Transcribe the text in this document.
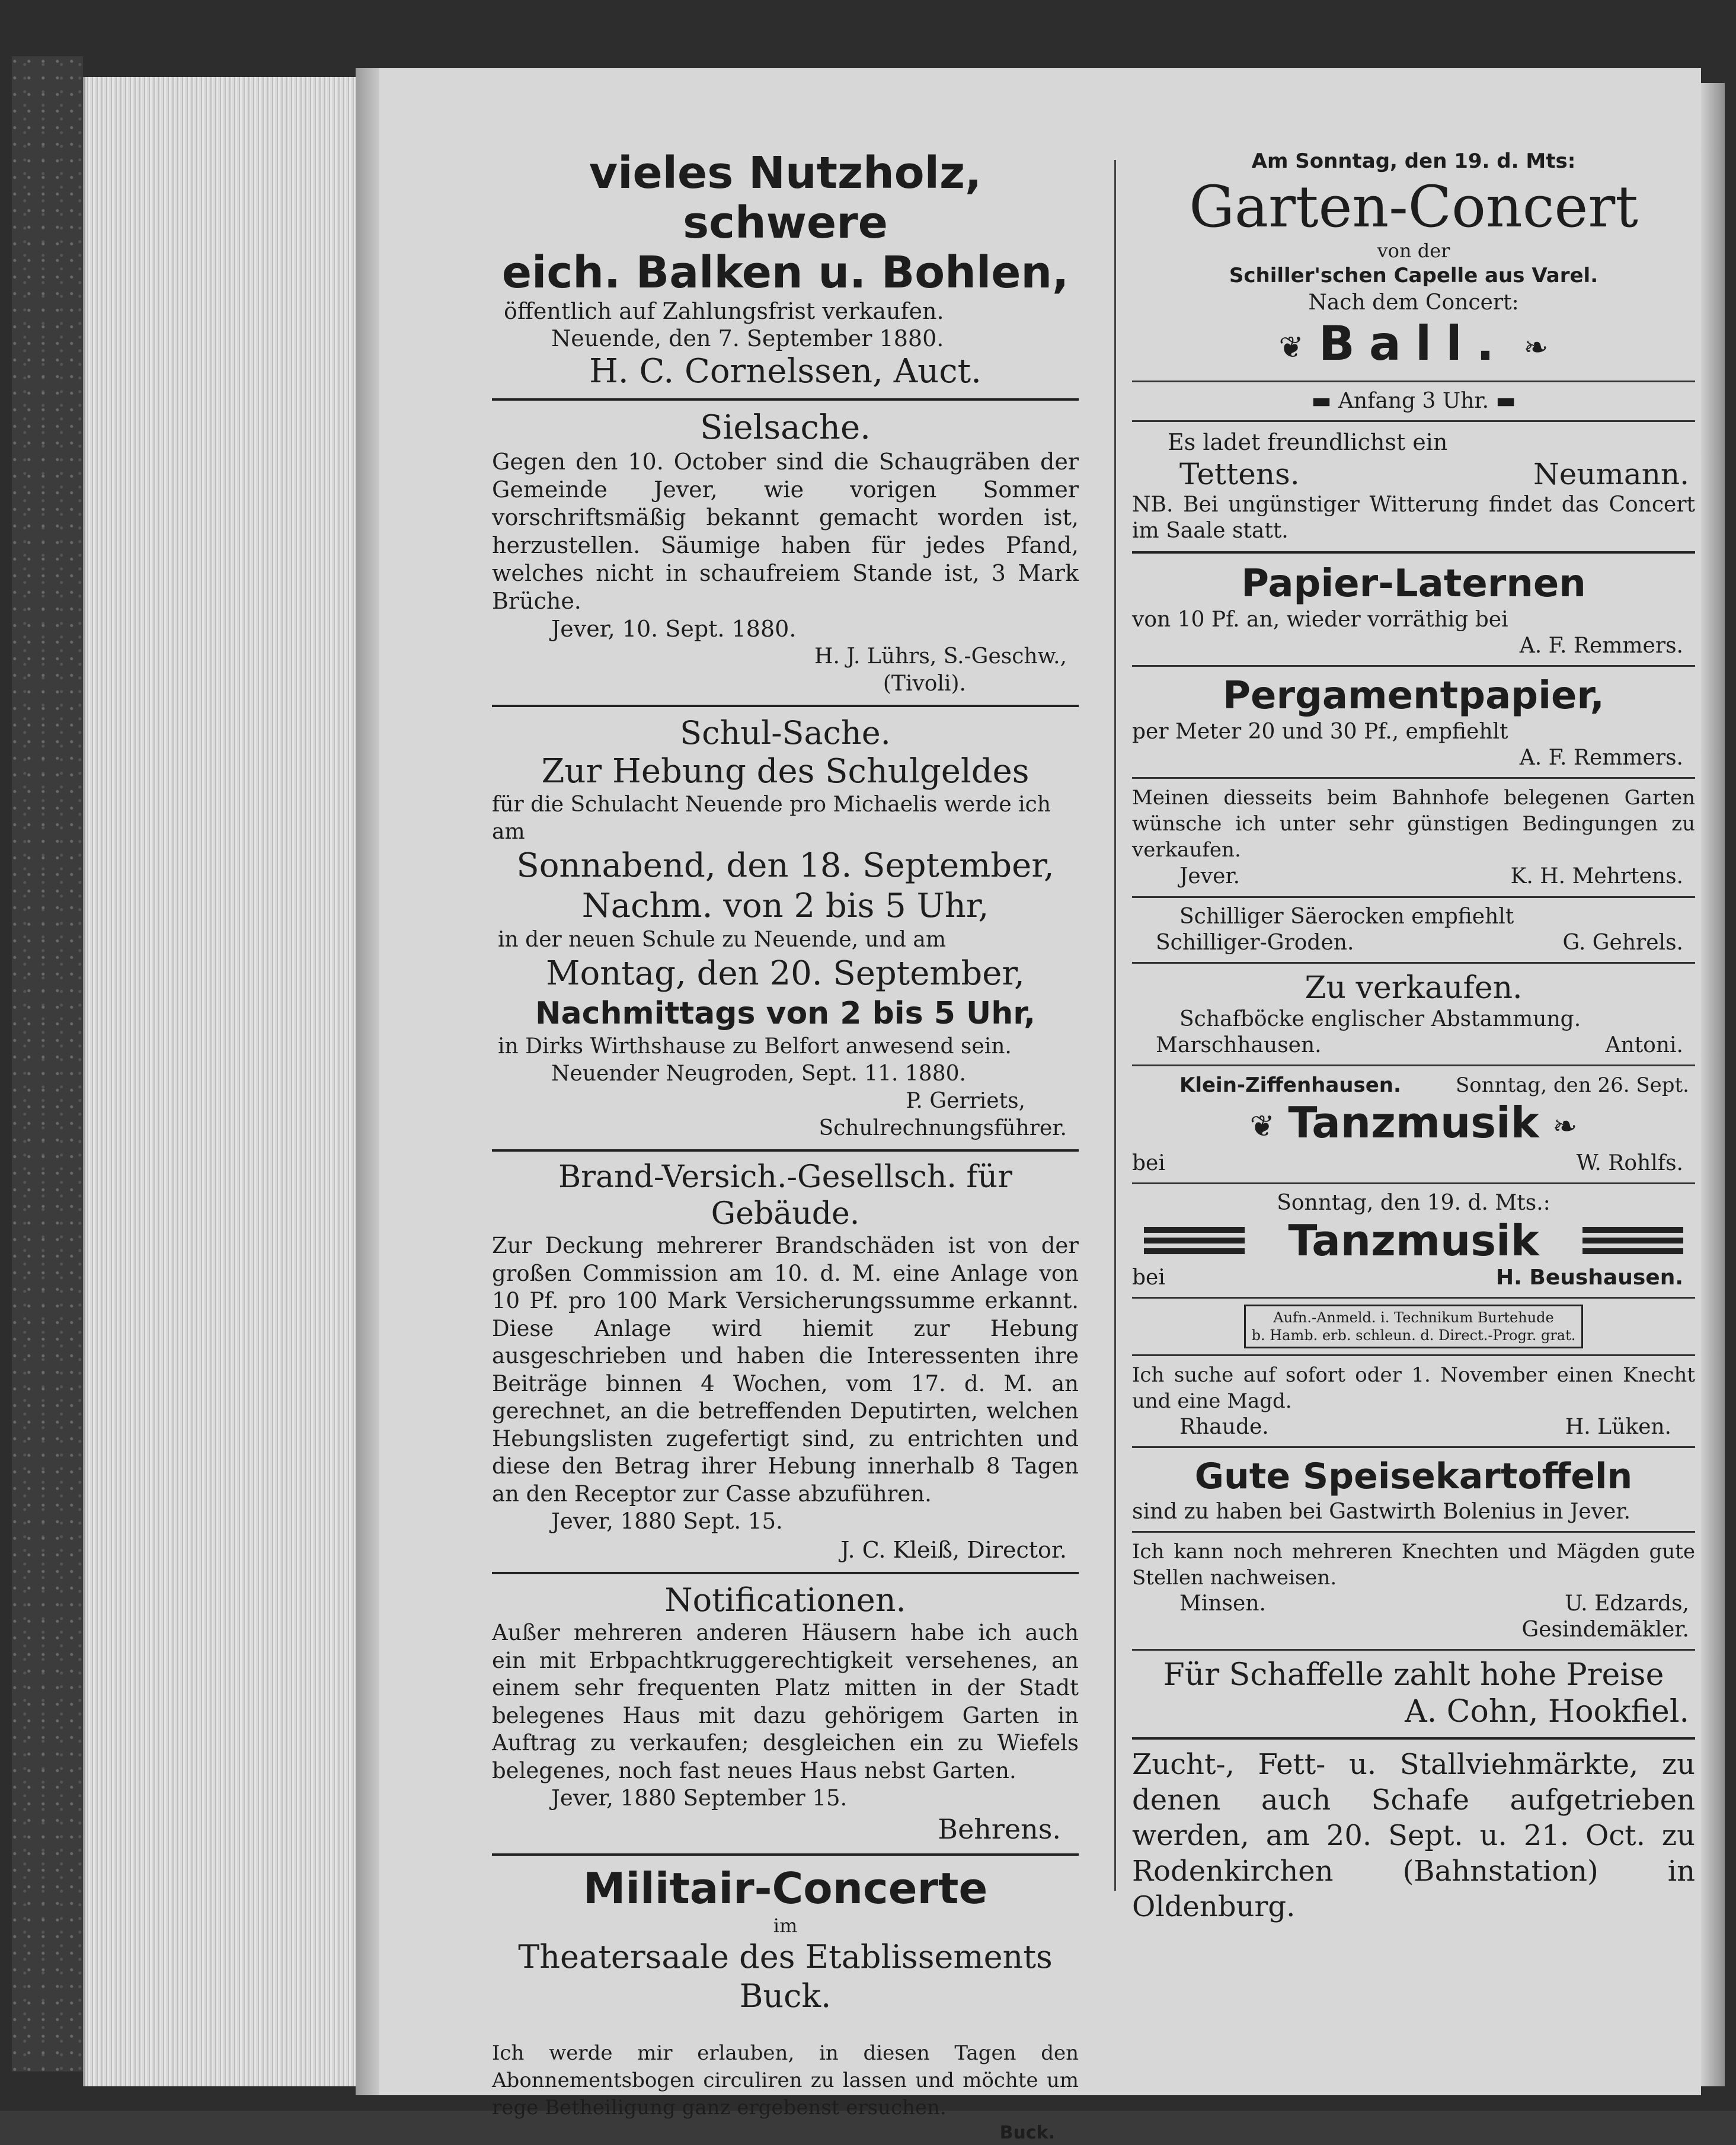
vieles Nutzholz, schwere

eich. Balken u. Bohlen,

öffentlich auf Zahlungsfrist verkaufen.

Neuende, den 7. September 1880.

H. C. Cornelssen, Auct.

Sielsache.

Gegen den 10. October sind die Schaugräben der Gemeinde Jever, wie vorigen Sommer vorschriftsmäßig bekannt gemacht worden ist, herzustellen. Säumige haben für jedes Pfand, welches nicht in schaufreiem Stande ist, 3 Mark Brüche.

Jever, 10. Sept. 1880.

H. J. Lührs, S.-Geschw.,

(Tivoli).

Schul-Sache.

Zur Hebung des Schulgeldes

für die Schulacht Neuende pro Michaelis werde ich am

Sonnabend, den 18. September,

Nachm. von 2 bis 5 Uhr,

in der neuen Schule zu Neuende, und am

Montag, den 20. September,

Nachmittags von 2 bis 5 Uhr,

in Dirks Wirthshause zu Belfort anwesend sein.

Neuender Neugroden, Sept. 11. 1880.

P. Gerriets,

Schulrechnungsführer.

Brand-Versich.-Gesellsch. für Gebäude.

Zur Deckung mehrerer Brandschäden ist von der großen Commission am 10. d. M. eine Anlage von 10 Pf. pro 100 Mark Versicherungssumme erkannt. Diese Anlage wird hiemit zur Hebung ausgeschrieben und haben die Interessenten ihre Beiträge binnen 4 Wochen, vom 17. d. M. an gerechnet, an die betreffenden Deputirten, welchen Hebungslisten zugefertigt sind, zu entrichten und diese den Betrag ihrer Hebung innerhalb 8 Tagen an den Receptor zur Casse abzuführen.

Jever, 1880 Sept. 15.

J. C. Kleiß, Director.

Notificationen.

Außer mehreren anderen Häusern habe ich auch ein mit Erbpachtkruggerechtigkeit versehenes, an einem sehr frequenten Platz mitten in der Stadt belegenes Haus mit dazu gehörigem Garten in Auftrag zu verkaufen; desgleichen ein zu Wiefels belegenes, noch fast neues Haus nebst Garten.

Jever, 1880 September 15.

Behrens.

Militair-Concerte

im

Theatersaale des Etablissements Buck.

Ich werde mir erlauben, in diesen Tagen den Abonnementsbogen circuliren zu lassen und möchte um rege Betheiligung ganz ergebenst ersuchen.

Buck.

Am Sonntag, den 19. d. Mts:

Garten-Concert

von der

Schiller'schen Capelle aus Varel.

Nach dem Concert:

❦ Ball. ❧

▬ Anfang 3 Uhr. ▬

Es ladet freundlichst ein

Tettens.	Neumann.

NB. Bei ungünstiger Witterung findet das Concert im Saale statt.

Papier-Laternen

von 10 Pf. an, wieder vorräthig bei

A. F. Remmers.

Pergamentpapier,

per Meter 20 und 30 Pf., empfiehlt

A. F. Remmers.

Meinen diesseits beim Bahnhofe belegenen Garten wünsche ich unter sehr günstigen Bedingungen zu verkaufen.

Jever.	K. H. Mehrtens.

Schilliger Säerocken empfiehlt

Schilliger-Groden.	G. Gehrels.

Zu verkaufen.

Schafböcke englischer Abstammung.

Marschhausen.	Antoni.
Klein-Ziffenhausen.	Sonntag, den 26. Sept.

❦ Tanzmusik ❧

bei	W. Rohlfs.

Sonntag, den 19. d. Mts.:

Tanzmusik
bei	H. Beushausen.
Aufn.-Anmeld. i. Technikum Burtehude
b. Hamb. erb. schleun. d. Direct.-Progr. grat.

Ich suche auf sofort oder 1. November einen Knecht und eine Magd.

Rhaude.	H. Lüken.

Gute Speisekartoffeln

sind zu haben bei Gastwirth Bolenius in Jever.

Ich kann noch mehreren Knechten und Mägden gute Stellen nachweisen.

Minsen.	U. Edzards,

Gesindemäkler.

Für Schaffelle zahlt hohe Preise

A. Cohn, Hookfiel.

Zucht-, Fett- u. Stallviehmärkte, zu denen auch Schafe aufgetrieben werden, am 20. Sept. u. 21. Oct. zu Rodenkirchen (Bahnstation) in Oldenburg.
